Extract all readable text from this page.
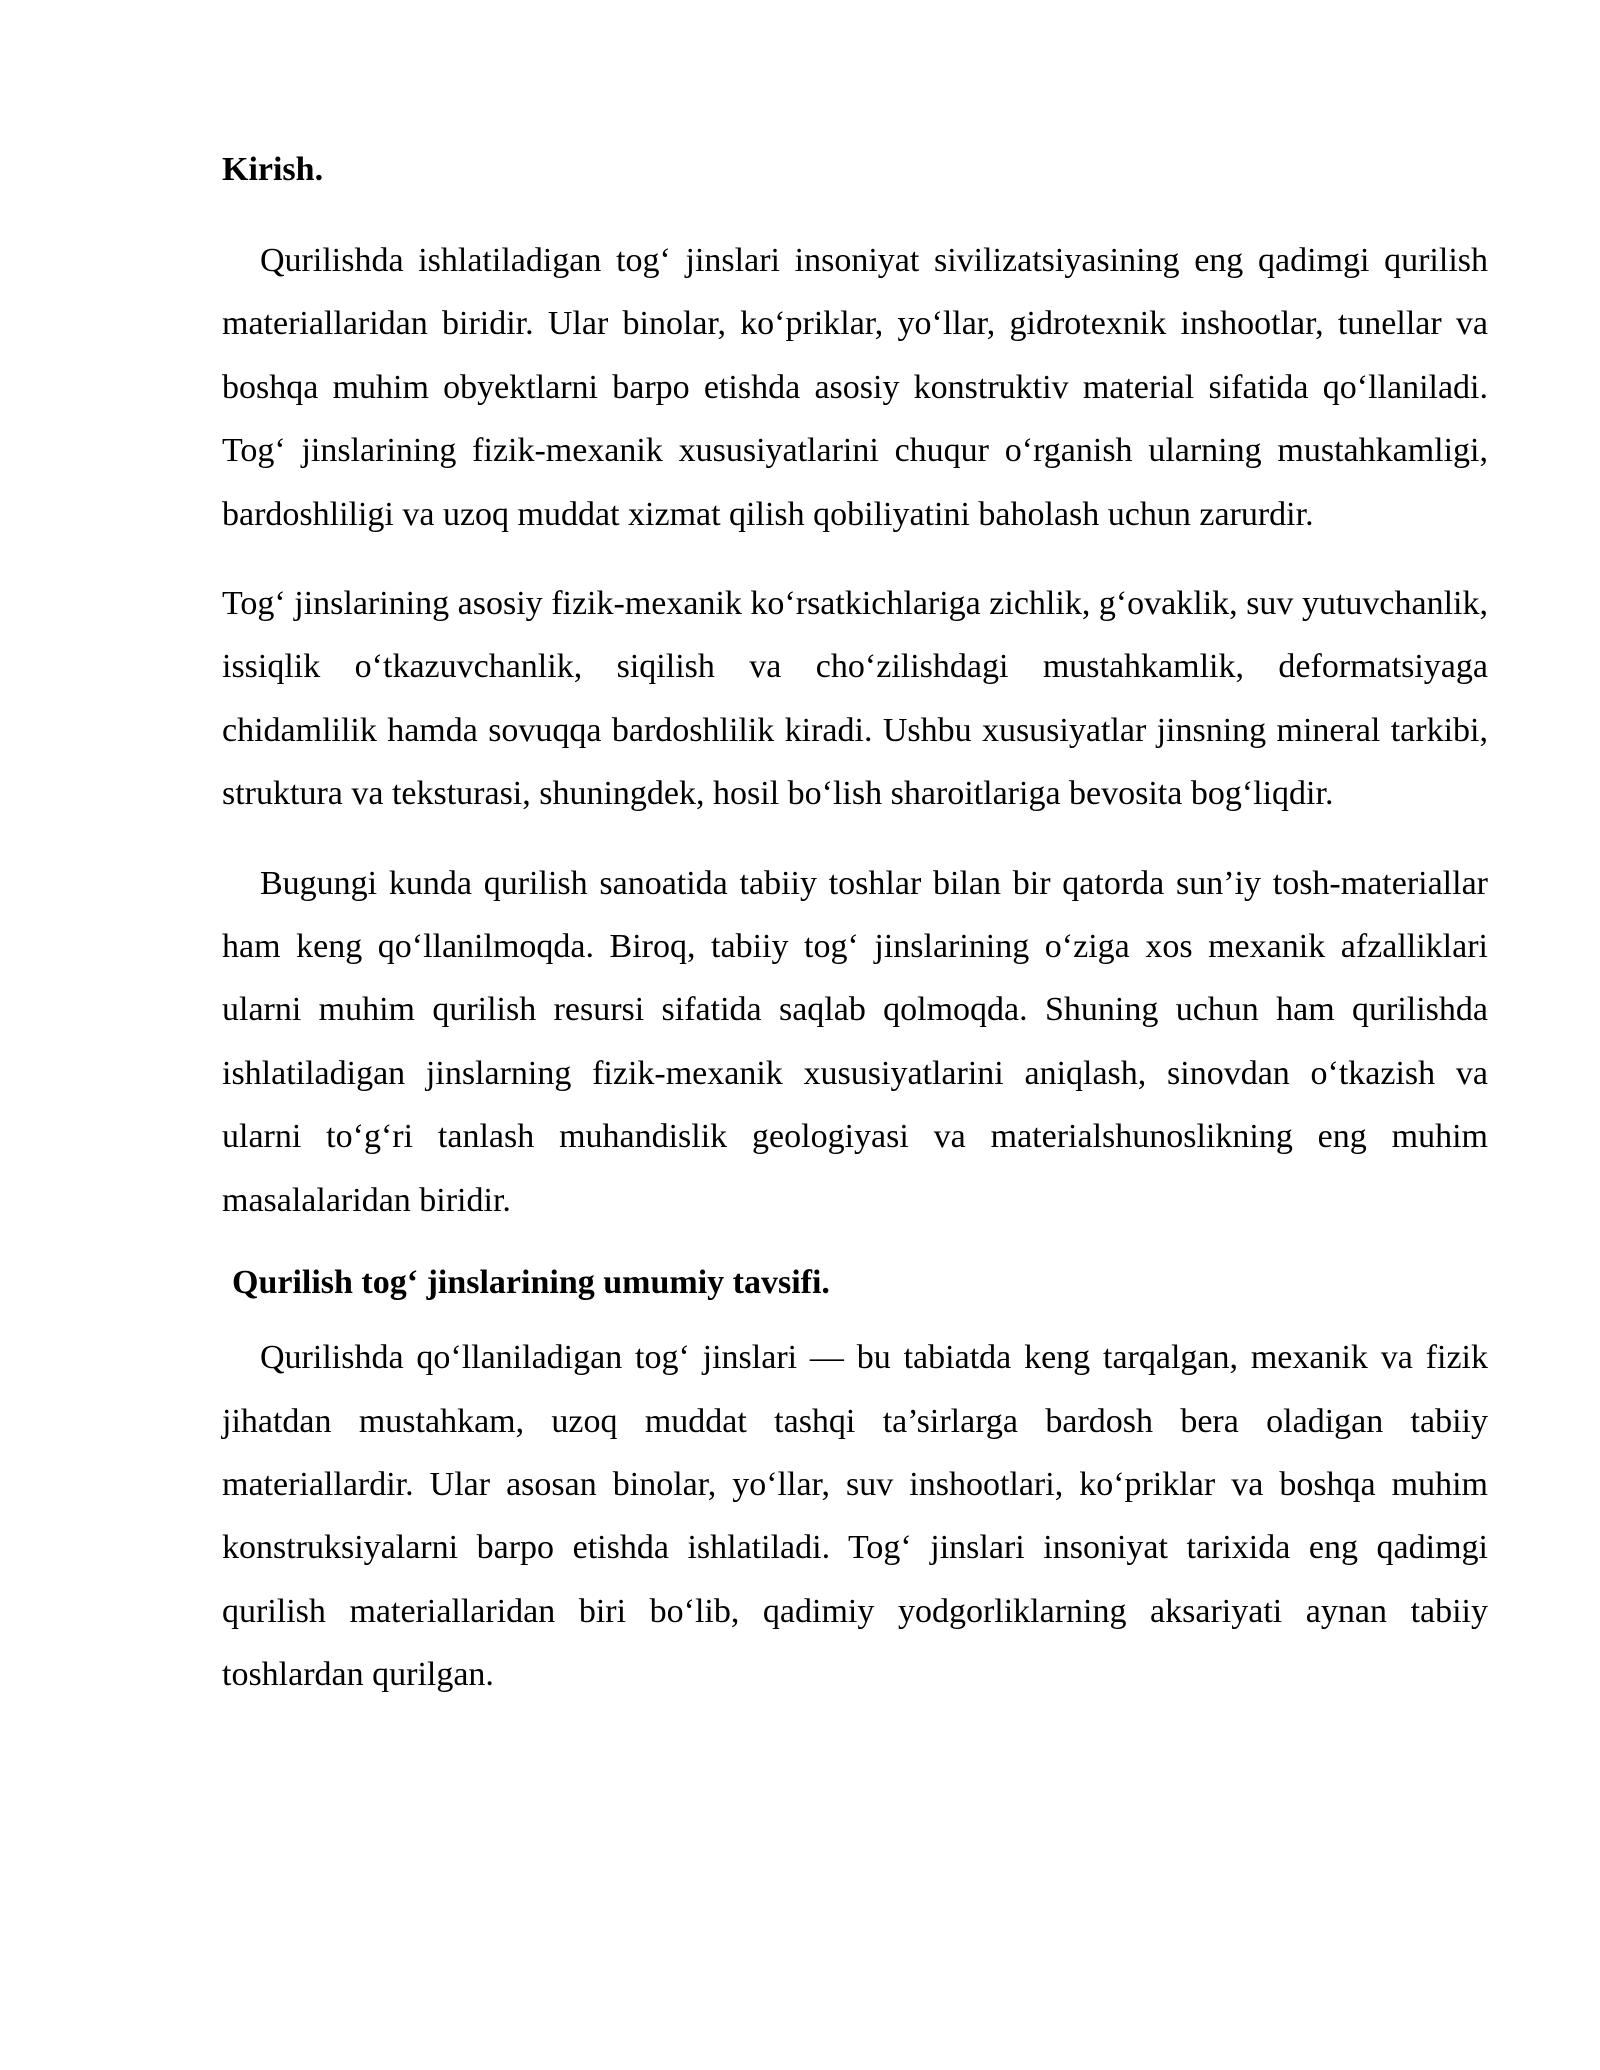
Kirish.

Qurilishda ishlatiladigan tog‘ jinslari insoniyat sivilizatsiyasining eng qadimgi qurilish materiallaridan biridir. Ular binolar, ko‘priklar, yo‘llar, gidrotexnik inshootlar, tunellar va boshqa muhim obyektlarni barpo etishda asosiy konstruktiv material sifatida qo‘llaniladi. Tog‘ jinslarining fizik-mexanik xususiyatlarini chuqur o‘rganish ularning mustahkamligi, bardoshliligi va uzoq muddat xizmat qilish qobiliyatini baholash uchun zarurdir.

Tog‘ jinslarining asosiy fizik-mexanik ko‘rsatkichlariga zichlik, g‘ovaklik, suv yutuvchanlik, issiqlik o‘tkazuvchanlik, siqilish va cho‘zilishdagi mustahkamlik, deformatsiyaga chidamlilik hamda sovuqqa bardoshlilik kiradi. Ushbu xususiyatlar jinsning mineral tarkibi, struktura va teksturasi, shuningdek, hosil bo‘lish sharoitlariga bevosita bog‘liqdir.

Bugungi kunda qurilish sanoatida tabiiy toshlar bilan bir qatorda sun’iy tosh-materiallar ham keng qo‘llanilmoqda. Biroq, tabiiy tog‘ jinslarining o‘ziga xos mexanik afzalliklari ularni muhim qurilish resursi sifatida saqlab qolmoqda. Shuning uchun ham qurilishda ishlatiladigan jinslarning fizik-mexanik xususiyatlarini aniqlash, sinovdan o‘tkazish va ularni to‘g‘ri tanlash muhandislik geologiyasi va materialshunoslikning eng muhim masalalaridan biridir.

Qurilish tog‘ jinslarining umumiy tavsifi.

Qurilishda qo‘llaniladigan tog‘ jinslari — bu tabiatda keng tarqalgan, mexanik va fizik jihatdan mustahkam, uzoq muddat tashqi ta’sirlarga bardosh bera oladigan tabiiy materiallardir. Ular asosan binolar, yo‘llar, suv inshootlari, ko‘priklar va boshqa muhim konstruksiyalarni barpo etishda ishlatiladi. Tog‘ jinslari insoniyat tarixida eng qadimgi qurilish materiallaridan biri bo‘lib, qadimiy yodgorliklarning aksariyati aynan tabiiy toshlardan qurilgan.
